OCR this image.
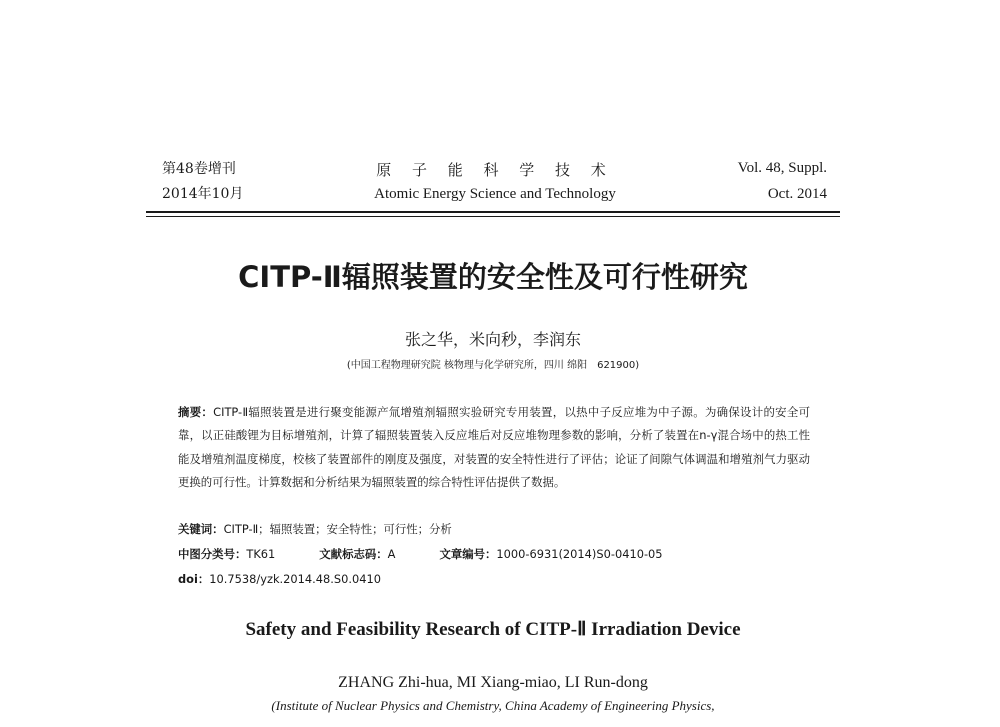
第48卷增刊
2014年10月
原 子 能 科 学 技 术
Atomic Energy Science and Technology
Vol. 48, Suppl.
Oct. 2014
CITP-Ⅱ辐照装置的安全性及可行性研究
张之华，米向秒，李润东
(中国工程物理研究院 核物理与化学研究所，四川 绵阳　621900)
摘要：CITP-Ⅱ辐照装置是进行聚变能源产氚增殖剂辐照实验研究专用装置，以热中子反应堆为中子源。为确保设计的安全可靠，以正硅酸锂为目标增殖剂，计算了辐照装置装入反应堆后对反应堆物理参数的影响，分析了装置在n-γ混合场中的热工性能及增殖剂温度梯度，校核了装置部件的刚度及强度，对装置的安全特性进行了评估；论证了间隙气体调温和增殖剂气力驱动更换的可行性。计算数据和分析结果为辐照装置的综合特性评估提供了数据。
关键词：CITP-Ⅱ；辐照装置；安全特性；可行性；分析
中图分类号：TK61	文献标志码：A	文章编号：1000-6931(2014)S0-0410-05
doi：10.7538/yzk.2014.48.S0.0410
Safety and Feasibility Research of CITP-Ⅱ Irradiation Device
ZHANG Zhi-hua, MI Xiang-miao, LI Run-dong
(Institute of Nuclear Physics and Chemistry, China Academy of Engineering Physics,
